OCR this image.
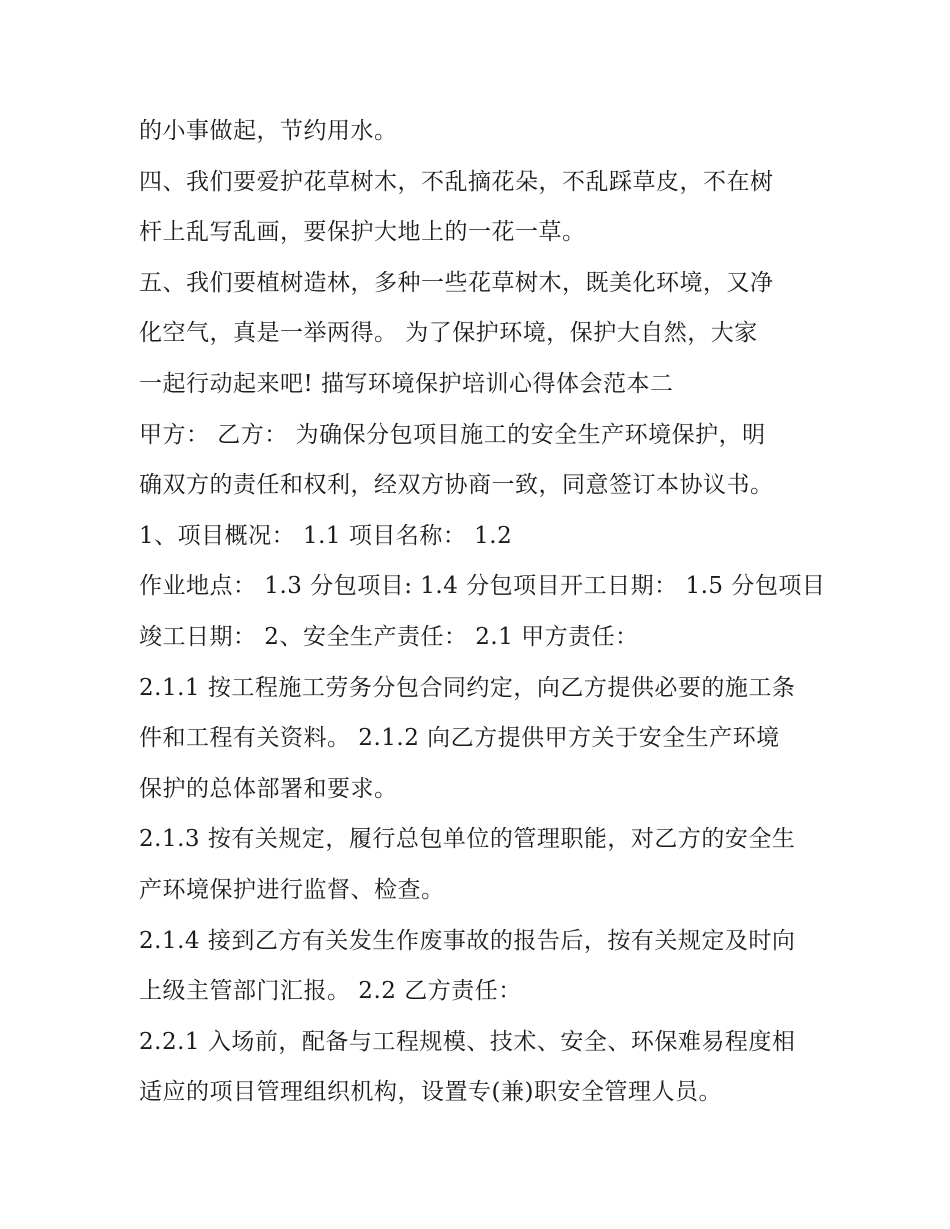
的小事做起，节约用水。
四、我们要爱护花草树木，不乱摘花朵，不乱踩草皮，不在树
杆上乱写乱画，要保护大地上的一花一草。
五、我们要植树造林，多种一些花草树木，既美化环境，又净
化空气，真是一举两得。 为了保护环境，保护大自然，大家
一起行动起来吧! 描写环境保护培训心得体会范本二
甲方： 乙方： 为确保分包项目施工的安全生产环境保护，明
确双方的责任和权利，经双方协商一致，同意签订本协议书。
1、项目概况： 1.1 项目名称： 1.2
作业地点： 1.3 分包项目: 1.4 分包项目开工日期： 1.5 分包项目
竣工日期： 2、安全生产责任： 2.1 甲方责任：
2.1.1 按工程施工劳务分包合同约定，向乙方提供必要的施工条
件和工程有关资料。 2.1.2 向乙方提供甲方关于安全生产环境
保护的总体部署和要求。
2.1.3 按有关规定，履行总包单位的管理职能，对乙方的安全生
产环境保护进行监督、检查。
2.1.4 接到乙方有关发生作废事故的报告后，按有关规定及时向
上级主管部门汇报。 2.2 乙方责任：
2.2.1 入场前，配备与工程规模、技术、安全、环保难易程度相
适应的项目管理组织机构，设置专(兼)职安全管理人员。
